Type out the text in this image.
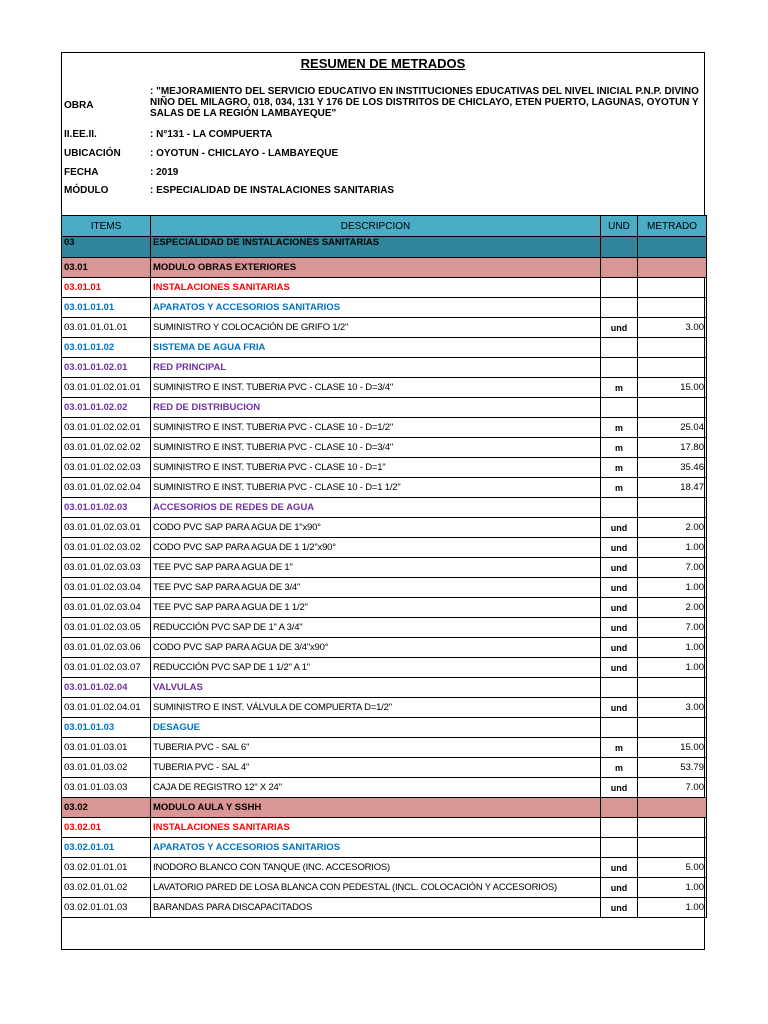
RESUMEN DE METRADOS
OBRA
: "MEJORAMIENTO DEL SERVICIO EDUCATIVO EN INSTITUCIONES EDUCATIVAS DEL NIVEL INICIAL P.N.P. DIVINO NIÑO DEL MILAGRO, 018, 034, 131 Y 176 DE LOS DISTRITOS DE CHICLAYO, ETEN PUERTO, LAGUNAS, OYOTUN Y SALAS DE LA REGIÓN LAMBAYEQUE"
II.EE.II.	: N°131 - LA COMPUERTA
UBICACIÓN	: OYOTUN - CHICLAYO - LAMBAYEQUE
FECHA	: 2019
MÓDULO	: ESPECIALIDAD DE INSTALACIONES SANITARIAS
ITEMS	DESCRIPCION	UND	METRADO
03	ESPECIALIDAD DE INSTALACIONES SANITARIAS		
03.01	MODULO OBRAS EXTERIORES		
03.01.01	INSTALACIONES SANITARIAS		
03.01.01.01	APARATOS Y ACCESORIOS SANITARIOS		
03.01.01.01.01	SUMINISTRO Y COLOCACIÓN DE GRIFO 1/2"	und	3.00
03.01.01.02	SISTEMA DE AGUA FRIA		
03.01.01.02.01	RED PRINCIPAL		
03.01.01.02.01.01	SUMINISTRO E INST. TUBERIA PVC - CLASE 10 - D=3/4"	m	15.00
03.01.01.02.02	RED DE DISTRIBUCION		
03.01.01.02.02.01	SUMINISTRO E INST. TUBERIA PVC - CLASE 10 - D=1/2"	m	25.04
03.01.01.02.02.02	SUMINISTRO E INST. TUBERIA PVC - CLASE 10 - D=3/4"	m	17.80
03.01.01.02.02.03	SUMINISTRO E INST. TUBERIA PVC - CLASE 10 - D=1"	m	35.46
03.01.01.02.02.04	SUMINISTRO E INST. TUBERIA PVC - CLASE 10 - D=1 1/2"	m	18.47
03.01.01.02.03	ACCESORIOS DE REDES DE AGUA		
03.01.01.02.03.01	CODO PVC SAP PARA AGUA DE 1"x90°	und	2.00
03.01.01.02.03.02	CODO PVC SAP PARA AGUA DE 1 1/2"x90°	und	1.00
03.01.01.02.03.03	TEE PVC SAP PARA AGUA DE 1"	und	7.00
03.01.01.02.03.04	TEE PVC SAP PARA AGUA DE 3/4"	und	1.00
03.01.01.02.03.04	TEE PVC SAP PARA AGUA DE 1 1/2"	und	2.00
03.01.01.02.03.05	REDUCCIÓN PVC SAP DE 1" A 3/4"	und	7.00
03.01.01.02.03.06	CODO PVC SAP PARA AGUA DE 3/4"x90°	und	1.00
03.01.01.02.03.07	REDUCCIÓN PVC SAP DE 1 1/2" A 1"	und	1.00
03.01.01.02.04	VALVULAS		
03.01.01.02.04.01	SUMINISTRO E INST. VÁLVULA DE COMPUERTA D=1/2"	und	3.00
03.01.01.03	DESAGUE		
03.01.01.03.01	TUBERIA PVC - SAL 6"	m	15.00
03.01.01.03.02	TUBERIA PVC - SAL 4"	m	53.79
03.01.01.03.03	CAJA DE REGISTRO 12" X 24"	und	7.00
03.02	MODULO AULA Y SSHH		
03.02.01	INSTALACIONES SANITARIAS		
03.02.01.01	APARATOS Y ACCESORIOS SANITARIOS		
03.02.01.01.01	INODORO BLANCO CON TANQUE (INC. ACCESORIOS)	und	5.00
03.02.01.01.02	LAVATORIO PARED DE LOSA BLANCA CON PEDESTAL (INCL. COLOCACIÓN Y ACCESORIOS)	und	1.00
03.02.01.01.03	BARANDAS PARA DISCAPACITADOS	und	1.00
